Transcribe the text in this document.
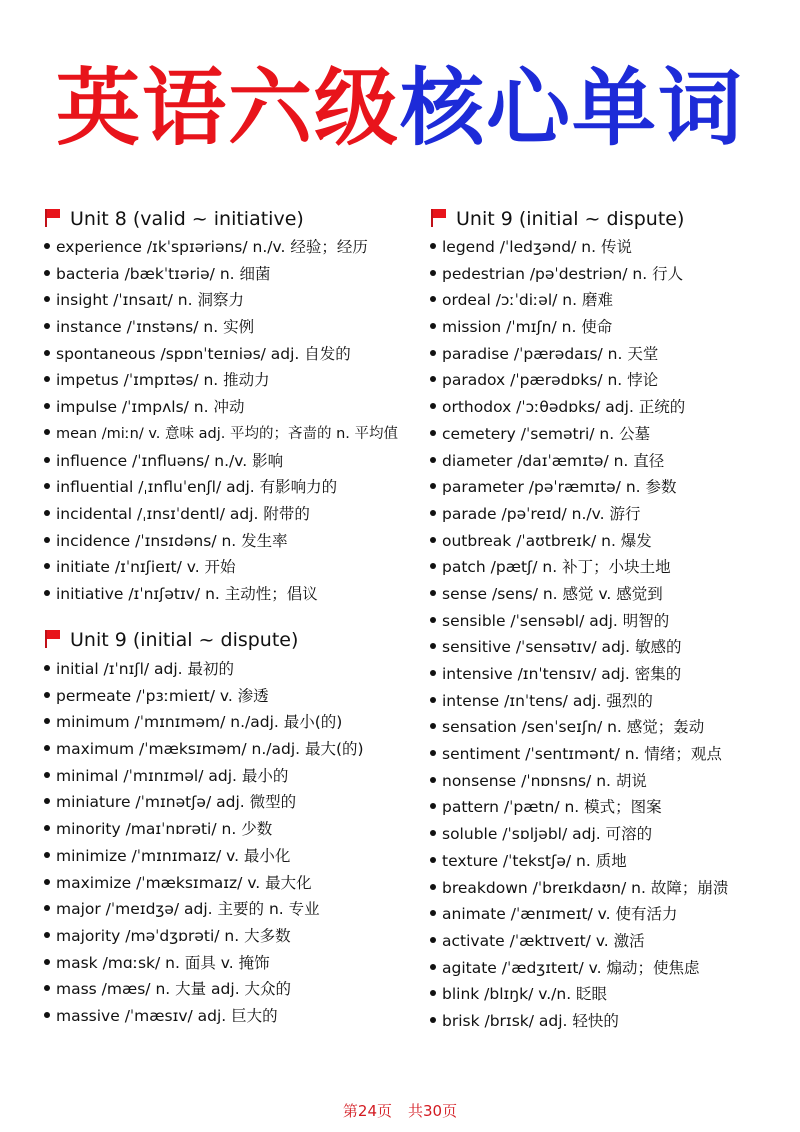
英语六级核心单词
Unit 8 (valid ~ initiative)
experience /ɪkˈspɪəriəns/ n./v. 经验；经历
bacteria /bækˈtɪəriə/ n. 细菌
insight /ˈɪnsaɪt/ n. 洞察力
instance /ˈɪnstəns/ n. 实例
spontaneous /spɒnˈteɪniəs/ adj. 自发的
impetus /ˈɪmpɪtəs/ n. 推动力
impulse /ˈɪmpʌls/ n. 冲动
mean /miːn/ v. 意味 adj. 平均的；吝啬的 n. 平均值
influence /ˈɪnfluəns/ n./v. 影响
influential /ˌɪnfluˈenʃl/ adj. 有影响力的
incidental /ˌɪnsɪˈdentl/ adj. 附带的
incidence /ˈɪnsɪdəns/ n. 发生率
initiate /ɪˈnɪʃieɪt/ v. 开始
initiative /ɪˈnɪʃətɪv/ n. 主动性；倡议
Unit 9 (initial ~ dispute)
initial /ɪˈnɪʃl/ adj. 最初的
permeate /ˈpɜːmieɪt/ v. 渗透
minimum /ˈmɪnɪməm/ n./adj. 最小(的)
maximum /ˈmæksɪməm/ n./adj. 最大(的)
minimal /ˈmɪnɪməl/ adj. 最小的
miniature /ˈmɪnətʃə/ adj. 微型的
minority /maɪˈnɒrəti/ n. 少数
minimize /ˈmɪnɪmaɪz/ v. 最小化
maximize /ˈmæksɪmaɪz/ v. 最大化
major /ˈmeɪdʒə/ adj. 主要的 n. 专业
majority /məˈdʒɒrəti/ n. 大多数
mask /mɑːsk/ n. 面具 v. 掩饰
mass /mæs/ n. 大量 adj. 大众的
massive /ˈmæsɪv/ adj. 巨大的
Unit 9 (initial ~ dispute)
legend /ˈledʒənd/ n. 传说
pedestrian /pəˈdestriən/ n. 行人
ordeal /ɔːˈdiːəl/ n. 磨难
mission /ˈmɪʃn/ n. 使命
paradise /ˈpærədaɪs/ n. 天堂
paradox /ˈpærədɒks/ n. 悖论
orthodox /ˈɔːθədɒks/ adj. 正统的
cemetery /ˈsemətri/ n. 公墓
diameter /daɪˈæmɪtə/ n. 直径
parameter /pəˈræmɪtə/ n. 参数
parade /pəˈreɪd/ n./v. 游行
outbreak /ˈaʊtbreɪk/ n. 爆发
patch /pætʃ/ n. 补丁；小块土地
sense /sens/ n. 感觉 v. 感觉到
sensible /ˈsensəbl/ adj. 明智的
sensitive /ˈsensətɪv/ adj. 敏感的
intensive /ɪnˈtensɪv/ adj. 密集的
intense /ɪnˈtens/ adj. 强烈的
sensation /senˈseɪʃn/ n. 感觉；轰动
sentiment /ˈsentɪmənt/ n. 情绪；观点
nonsense /ˈnɒnsns/ n. 胡说
pattern /ˈpætn/ n. 模式；图案
soluble /ˈsɒljəbl/ adj. 可溶的
texture /ˈtekstʃə/ n. 质地
breakdown /ˈbreɪkdaʊn/ n. 故障；崩溃
animate /ˈænɪmeɪt/ v. 使有活力
activate /ˈæktɪveɪt/ v. 激活
agitate /ˈædʒɪteɪt/ v. 煽动；使焦虑
blink /blɪŋk/ v./n. 眨眼
brisk /brɪsk/ adj. 轻快的
第24页 共30页
